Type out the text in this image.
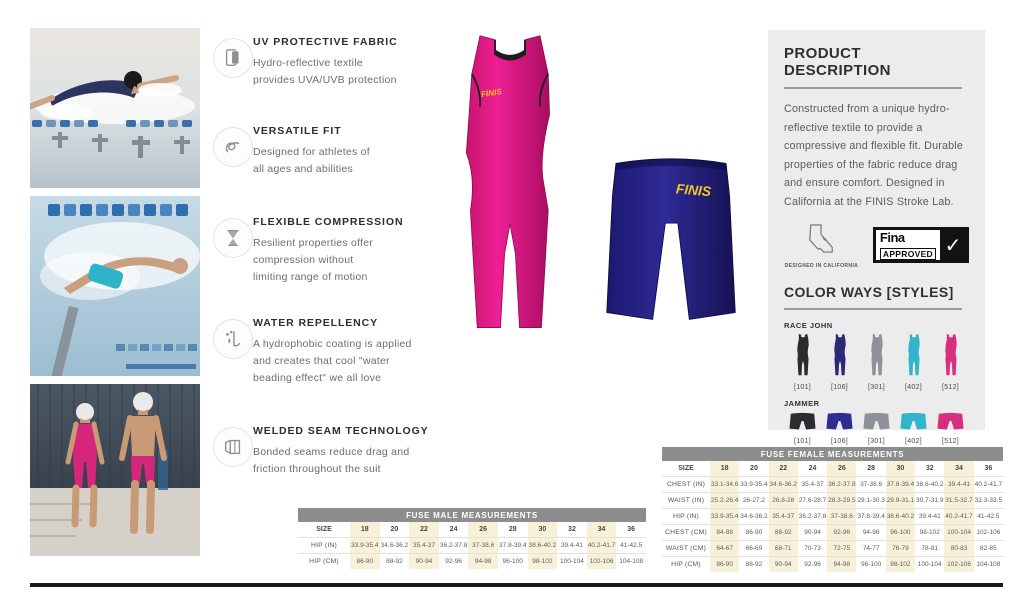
UV PROTECTIVE FABRIC
Hydro-reflective textile
provides UVA/UVB protection
VERSATILE FIT
Designed for athletes of
all ages and abilities
FLEXIBLE COMPRESSION
Resilient properties offer
compression without
limiting range of motion
WATER REPELLENCY
A hydrophobic coating is applied
and creates that cool "water
beading effect" we all love
WELDED SEAM TECHNOLOGY
Bonded seams reduce drag and
friction throughout the suit
FINIS
FINIS
PRODUCT DESCRIPTION
Constructed from a unique hydro-reflective textile to provide a compressive and flexible fit. Durable properties of the fabric reduce drag and ensure comfort. Designed in California at the FINIS Stroke Lab.
DESIGNED IN CALIFORNIA
Fina
APPROVED ✓
COLOR WAYS [STYLES]
RACE JOHN
[101]	[106]	[301]	[402]	[512]
JAMMER
[101]	[106]	[301]	[402]	[512]
FUSE MALE MEASUREMENTS
SIZE	18	20	22	24	26	28	30	32	34	36
HIP (IN)	33.9-35.4	34.6-36.2	35.4-37	36.2-37.8	37-38.6	37.8-39.4	38.6-40.2	39.4-41	40.2-41.7	41-42.5
HIP (CM)	86-90	88-92	90-94	92-96	94-98	96-100	98-102	100-104	102-106	104-108
FUSE FEMALE MEASUREMENTS
SIZE	18	20	22	24	26	28	30	32	34	36
CHEST (IN)	33.1-34.6	33.9-35.4	34.6-36.2	35.4-37	36.2-37.8	37-38.6	37.8-39.4	38.6-40.2	39.4-41	40.2-41.7
WAIST (IN)	25.2-26.4	26-27.2	26.8-28	27.6-28.7	28.3-29.5	29.1-30.3	29.9-31.1	30.7-31.9	31.5-32.7	32.3-33.5
HIP (IN)	33.9-35.4	34.6-36.2	35.4-37	36.2-37.8	37-38.6	37.8-39.4	38.6-40.2	39.4-41	40.2-41.7	41-42.5
CHEST (CM)	84-88	86-90	88-92	90-94	92-96	94-98	96-100	98-102	100-104	102-106
WAIST (CM)	64-67	66-69	68-71	70-73	72-75	74-77	76-79	78-81	80-83	82-85
HIP (CM)	86-90	88-92	90-94	92-96	94-98	96-100	98-102	100-104	102-106	104-108
